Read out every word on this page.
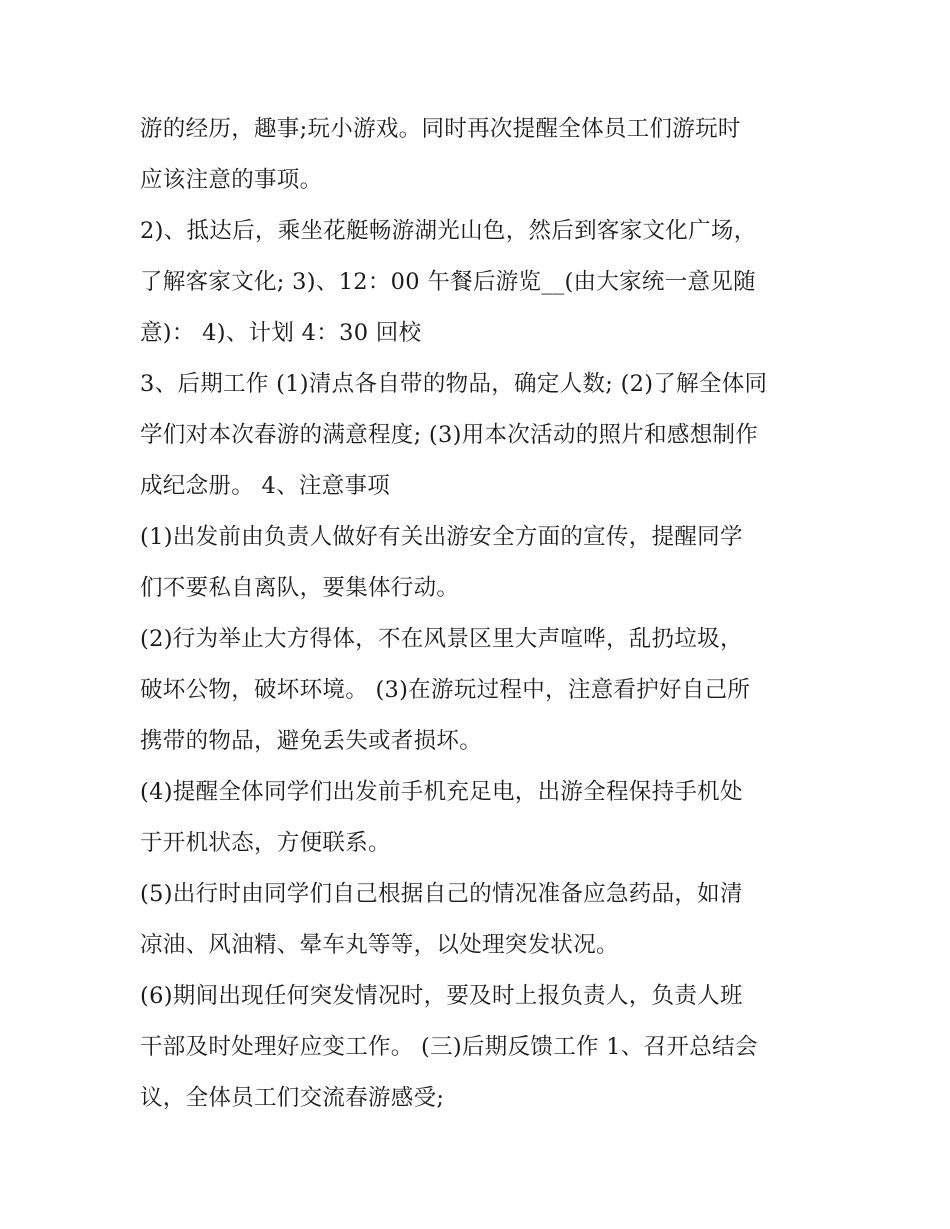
游的经历，趣事;玩小游戏。同时再次提醒全体员工们游玩时
应该注意的事项。
2)、抵达后，乘坐花艇畅游湖光山色，然后到客家文化广场，
了解客家文化; 3)、12：00 午餐后游览__(由大家统一意见随
意)： 4)、计划 4：30 回校
3、后期工作 (1)清点各自带的物品，确定人数; (2)了解全体同
学们对本次春游的满意程度; (3)用本次活动的照片和感想制作
成纪念册。 4、注意事项
(1)出发前由负责人做好有关出游安全方面的宣传，提醒同学
们不要私自离队，要集体行动。
(2)行为举止大方得体，不在风景区里大声喧哗，乱扔垃圾，
破坏公物，破坏环境。 (3)在游玩过程中，注意看护好自己所
携带的物品，避免丢失或者损坏。
(4)提醒全体同学们出发前手机充足电，出游全程保持手机处
于开机状态，方便联系。
(5)出行时由同学们自己根据自己的情况准备应急药品，如清
凉油、风油精、晕车丸等等，以处理突发状况。
(6)期间出现任何突发情况时，要及时上报负责人，负责人班
干部及时处理好应变工作。 (三)后期反馈工作 1、召开总结会
议，全体员工们交流春游感受;
